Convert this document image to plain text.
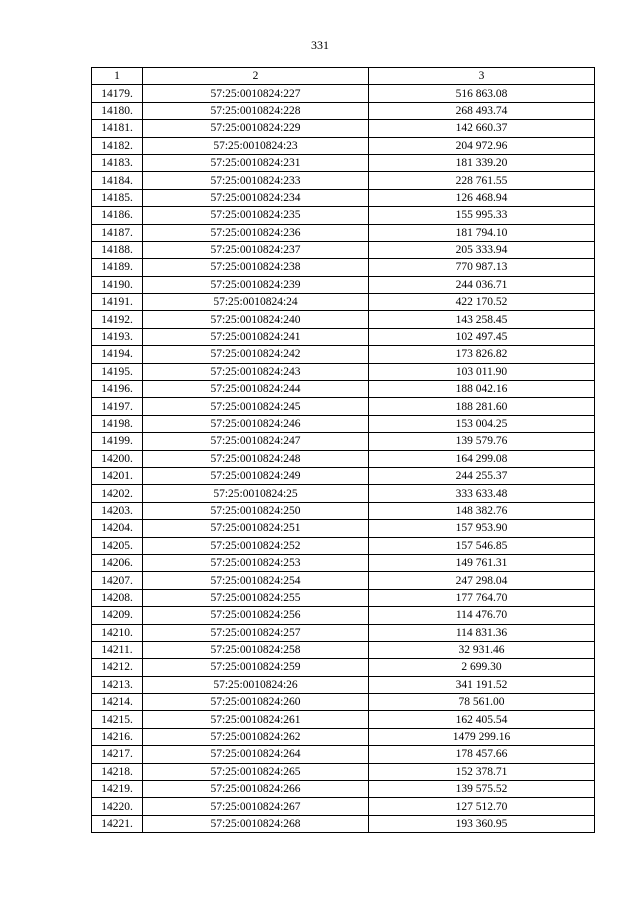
331
1	2	3
14179.	57:25:0010824:227	516 863.08
14180.	57:25:0010824:228	268 493.74
14181.	57:25:0010824:229	142 660.37
14182.	57:25:0010824:23	204 972.96
14183.	57:25:0010824:231	181 339.20
14184.	57:25:0010824:233	228 761.55
14185.	57:25:0010824:234	126 468.94
14186.	57:25:0010824:235	155 995.33
14187.	57:25:0010824:236	181 794.10
14188.	57:25:0010824:237	205 333.94
14189.	57:25:0010824:238	770 987.13
14190.	57:25:0010824:239	244 036.71
14191.	57:25:0010824:24	422 170.52
14192.	57:25:0010824:240	143 258.45
14193.	57:25:0010824:241	102 497.45
14194.	57:25:0010824:242	173 826.82
14195.	57:25:0010824:243	103 011.90
14196.	57:25:0010824:244	188 042.16
14197.	57:25:0010824:245	188 281.60
14198.	57:25:0010824:246	153 004.25
14199.	57:25:0010824:247	139 579.76
14200.	57:25:0010824:248	164 299.08
14201.	57:25:0010824:249	244 255.37
14202.	57:25:0010824:25	333 633.48
14203.	57:25:0010824:250	148 382.76
14204.	57:25:0010824:251	157 953.90
14205.	57:25:0010824:252	157 546.85
14206.	57:25:0010824:253	149 761.31
14207.	57:25:0010824:254	247 298.04
14208.	57:25:0010824:255	177 764.70
14209.	57:25:0010824:256	114 476.70
14210.	57:25:0010824:257	114 831.36
14211.	57:25:0010824:258	32 931.46
14212.	57:25:0010824:259	2 699.30
14213.	57:25:0010824:26	341 191.52
14214.	57:25:0010824:260	78 561.00
14215.	57:25:0010824:261	162 405.54
14216.	57:25:0010824:262	1479 299.16
14217.	57:25:0010824:264	178 457.66
14218.	57:25:0010824:265	152 378.71
14219.	57:25:0010824:266	139 575.52
14220.	57:25:0010824:267	127 512.70
14221.	57:25:0010824:268	193 360.95
